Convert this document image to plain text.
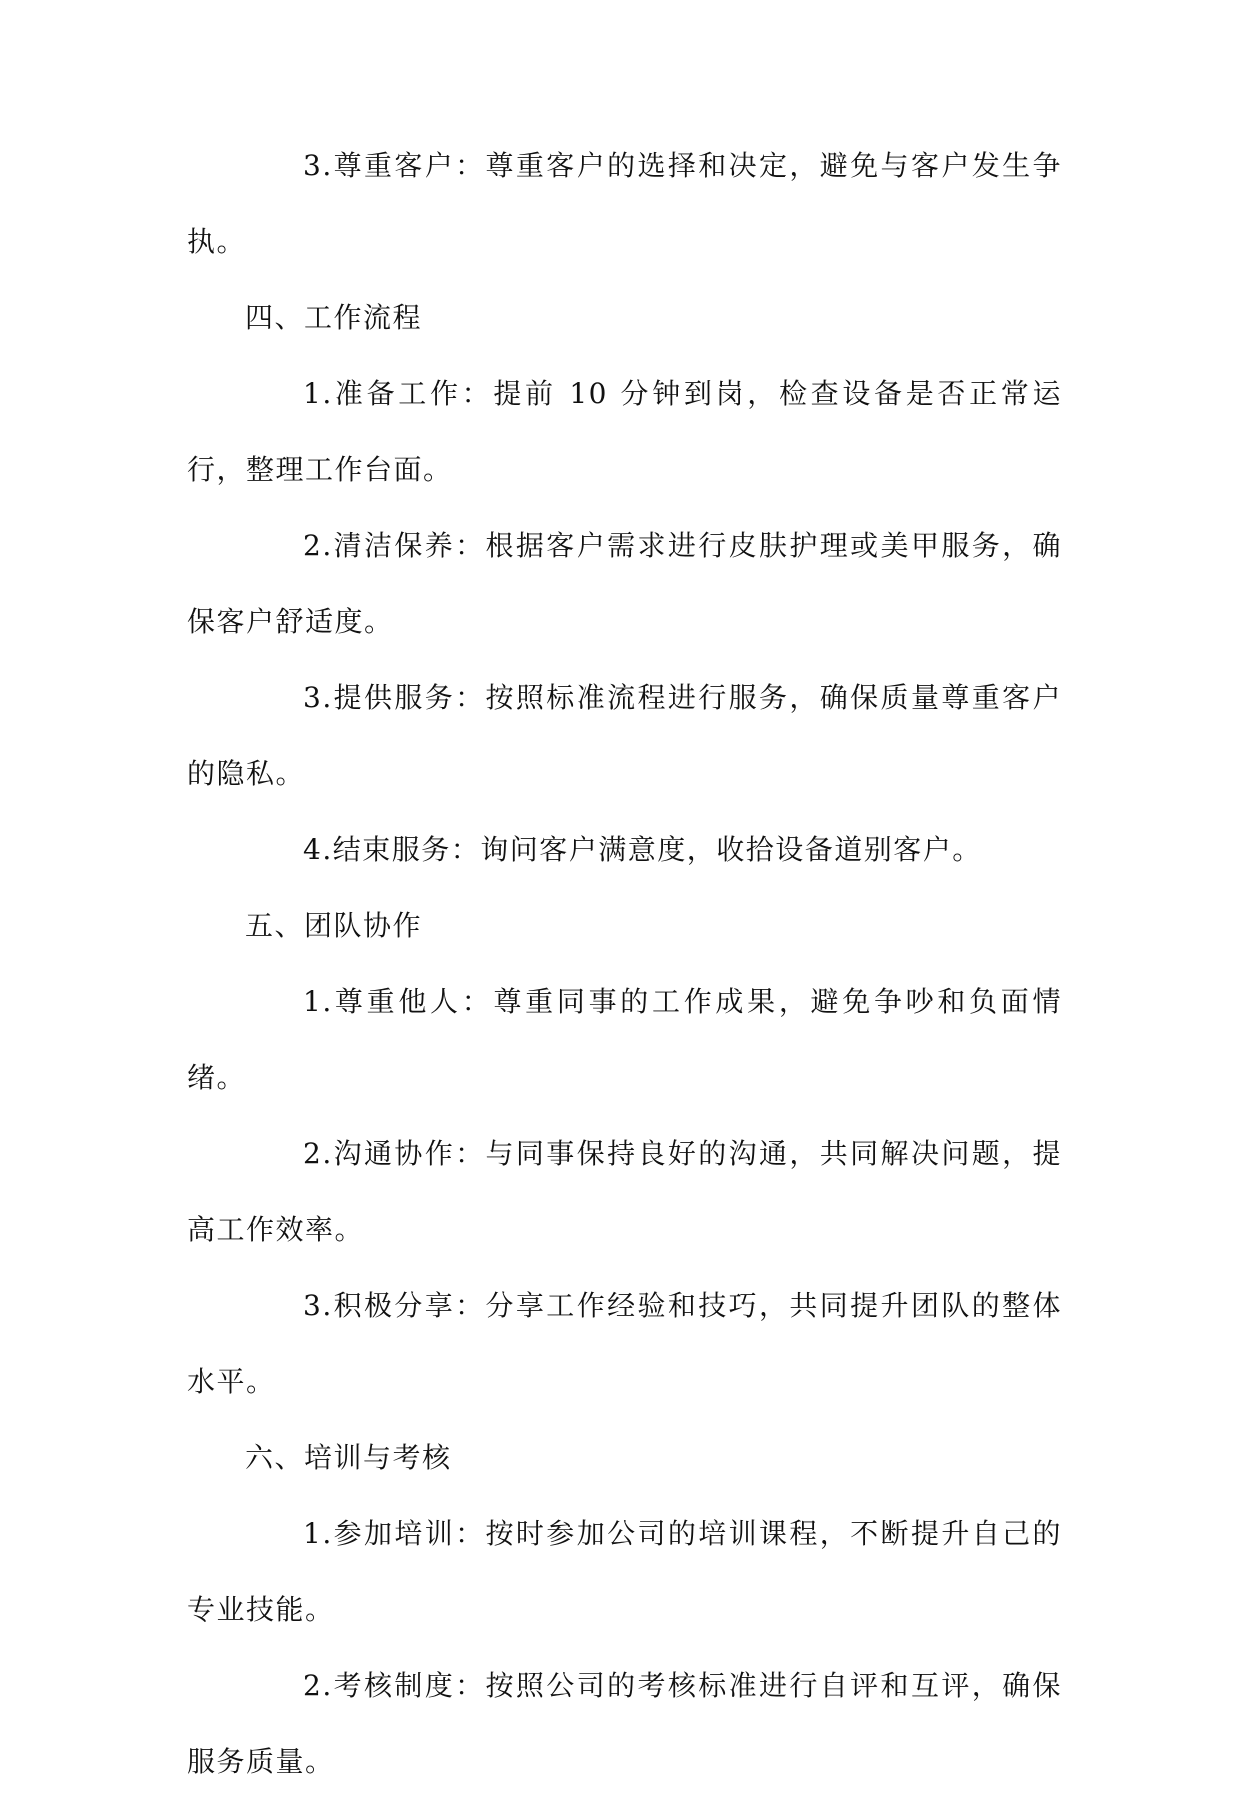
3.尊重客户：尊重客户的选择和决定，避免与客户发生争执。

四、工作流程

1.准备工作：提前 10 分钟到岗，检查设备是否正常运行，整理工作台面。

2.清洁保养：根据客户需求进行皮肤护理或美甲服务，确保客户舒适度。

3.提供服务：按照标准流程进行服务，确保质量尊重客户的隐私。

4.结束服务：询问客户满意度，收拾设备道别客户。

五、团队协作

1.尊重他人：尊重同事的工作成果，避免争吵和负面情绪。

2.沟通协作：与同事保持良好的沟通，共同解决问题，提高工作效率。

3.积极分享：分享工作经验和技巧，共同提升团队的整体水平。

六、培训与考核

1.参加培训：按时参加公司的培训课程，不断提升自己的专业技能。

2.考核制度：按照公司的考核标准进行自评和互评，确保服务质量。
